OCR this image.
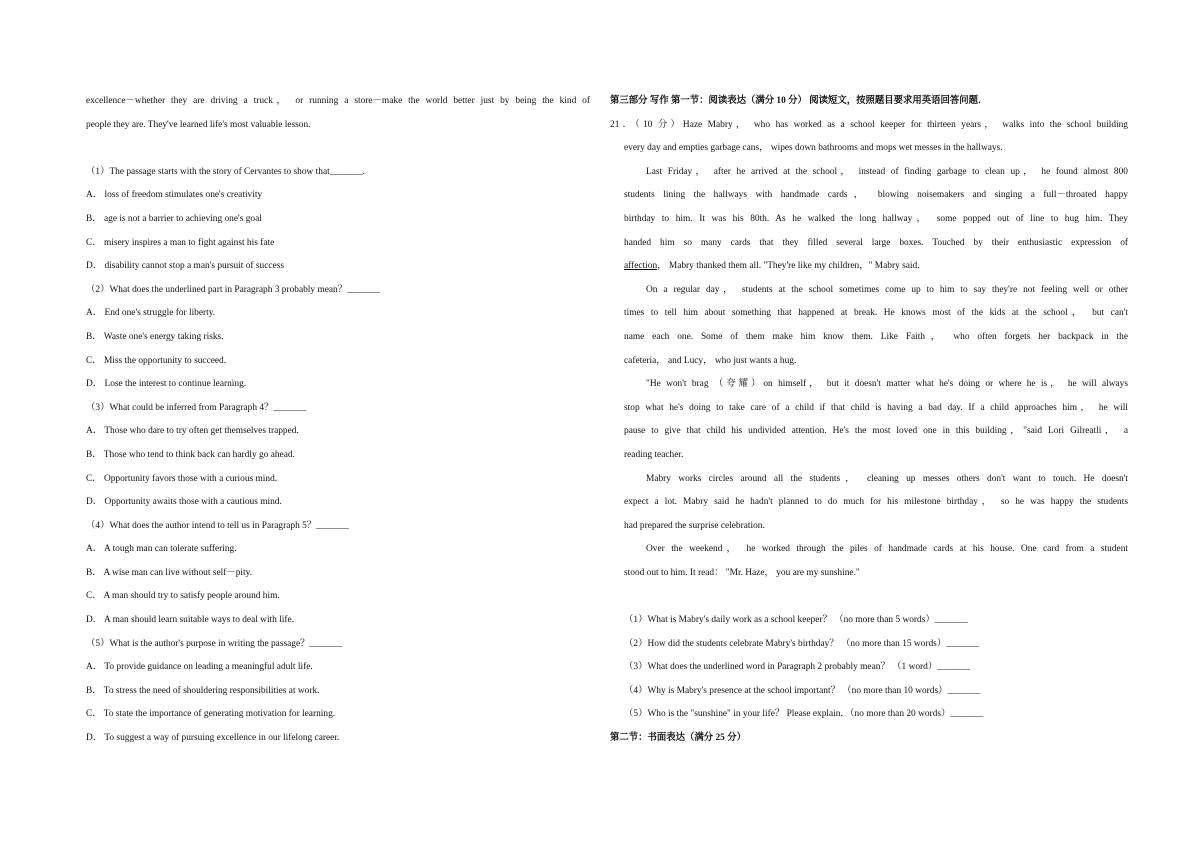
excellence－whether they are driving a truck， or running a store－make the world better just by being the kind of
people they are. They've learned life's most valuable lesson.
（1）The passage starts with the story of Cervantes to show that_______.
A． loss of freedom stimulates one's creativity
B． age is not a barrier to achieving one's goal
C． misery inspires a man to fight against his fate
D． disability cannot stop a man's pursuit of success
（2）What does the underlined part in Paragraph 3 probably mean？_______
A． End one's struggle for liberty.
B． Waste one's energy taking risks.
C． Miss the opportunity to succeed.
D． Lose the interest to continue learning.
（3）What could be inferred from Paragraph 4？_______
A． Those who dare to try often get themselves trapped.
B． Those who tend to think back can hardly go ahead.
C． Opportunity favors those with a curious mind.
D． Opportunity awaits those with a cautious mind.
（4）What does the author intend to tell us in Paragraph 5？_______
A． A tough man can tolerate suffering.
B． A wise man can live without self－pity.
C． A man should try to satisfy people around him.
D． A man should learn suitable ways to deal with life.
（5）What is the author's purpose in writing the passage？_______
A． To provide guidance on leading a meaningful adult life.
B． To stress the need of shouldering responsibilities at work.
C． To state the importance of generating motivation for learning.
D． To suggest a way of pursuing excellence in our lifelong career.
第三部分 写作 第一节：阅读表达（满分 10 分） 阅读短文，按照题目要求用英语回答问题．
21．（10 分）Haze Mabry， who has worked as a school keeper for thirteen years， walks into the school building
every day and empties garbage cans， wipes down bathrooms and mops wet messes in the hallways.
Last Friday， after he arrived at the school， instead of finding garbage to clean up， he found almost 800
students lining the hallways with handmade cards， blowing noisemakers and singing a full－throated happy
birthday to him. It was his 80th. As he walked the long hallway， some popped out of line to hug him. They
handed him so many cards that they filled several large boxes. Touched by their enthusiastic expression of
affection， Mabry thanked them all. "They're like my children，" Mabry said.
On a regular day， students at the school sometimes come up to him to say they're not feeling well or other
times to tell him about something that happened at break. He knows most of the kids at the school， but can't
name each one. Some of them make him know them. Like Faith， who often forgets her backpack in the
cafeteria， and Lucy， who just wants a hug.
"He won't brag （夸耀）on himself， but it doesn't matter what he's doing or where he is， he will always
stop what he's doing to take care of a child if that child is having a bad day. If a child approaches him， he will
pause to give that child his undivided attention. He's the most loved one in this building，"said Lori Gilreatli， a
reading teacher.
Mabry works circles around all the students， cleaning up messes others don't want to touch. He doesn't
expect a lot. Mabry said he hadn't planned to do much for his milestone birthday， so he was happy the students
had prepared the surprise celebration.
Over the weekend， he worked through the piles of handmade cards at his house. One card from a student
stood out to him. It read： "Mr. Haze， you are my sunshine."
（1）What is Mabry's daily work as a school keeper？ （no more than 5 words）_______
（2）How did the students celebrate Mabry's birthday？ （no more than 15 words）_______
（3）What does the underlined word in Paragraph 2 probably mean？ （1 word）_______
（4）Why is Mabry's presence at the school important？ （no more than 10 words）_______
（5）Who is the "sunshine" in your life？ Please explain. （no more than 20 words）_______
第二节：书面表达（满分 25 分）
